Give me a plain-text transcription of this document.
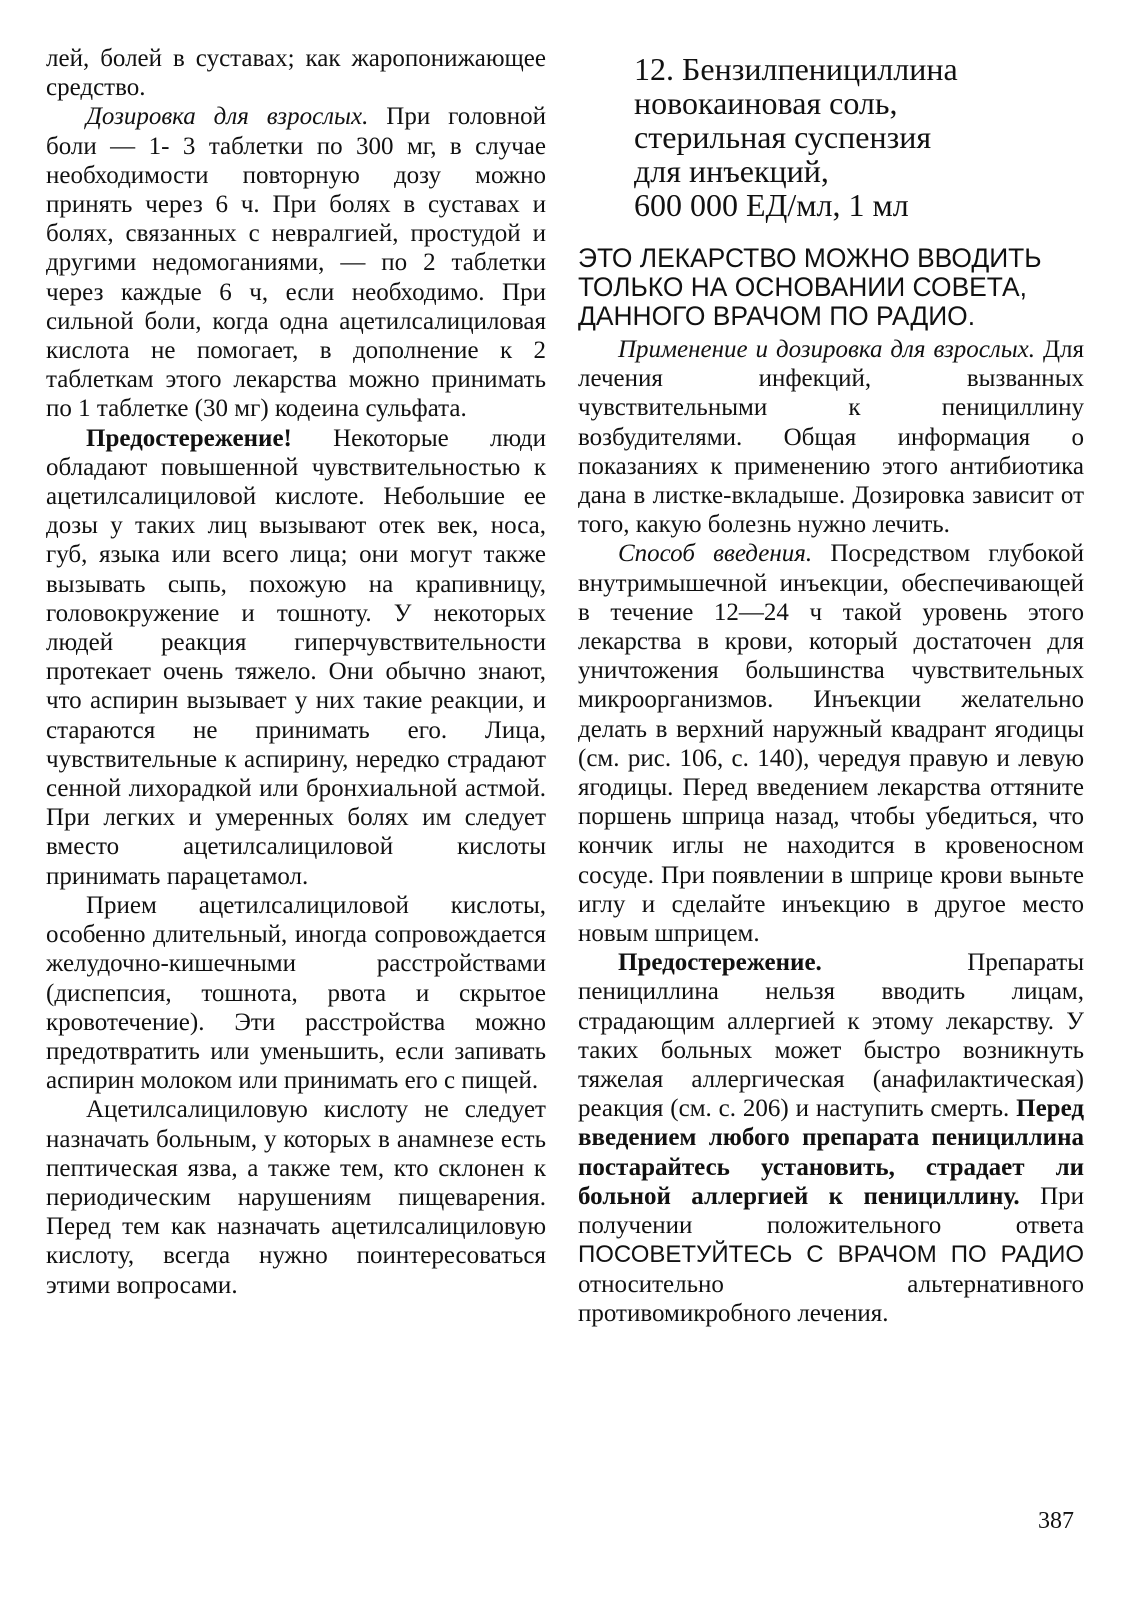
лей, болей в суставах; как жаропонижающее средство.

Дозировка для взрослых. При головной боли — 1- 3 таблетки по 300 мг, в случае необходимости повторную дозу можно принять через 6 ч. При болях в суставах и болях, связанных с невралгией, простудой и другими недомоганиями, — по 2 таблетки через каждые 6 ч, если необходимо. При сильной боли, когда одна ацетилсалициловая кислота не помогает, в дополнение к 2 таблеткам этого лекарства можно принимать по 1 таблетке (30 мг) кодеина сульфата.

Предостережение! Некоторые люди обладают повышенной чувствительностью к ацетилсалициловой кислоте. Небольшие ее дозы у таких лиц вызывают отек век, носа, губ, языка или всего лица; они могут также вызывать сыпь, похожую на крапивницу, головокружение и тошноту. У некоторых людей реакция гиперчувствительности протекает очень тяжело. Они обычно знают, что аспирин вызывает у них такие реакции, и стараются не принимать его. Лица, чувствительные к аспирину, нередко страдают сенной лихорадкой или бронхиальной астмой. При легких и умеренных болях им следует вместо ацетилсалициловой кислоты принимать парацетамол.

Прием ацетилсалициловой кислоты, особенно длительный, иногда сопровождается желудочно-кишечными расстройствами (диспепсия, тошнота, рвота и скрытое кровотечение). Эти расстройства можно предотвратить или уменьшить, если запивать аспирин молоком или принимать его с пищей.

Ацетилсалициловую кислоту не следует назначать больным, у которых в анамнезе есть пептическая язва, а также тем, кто склонен к периодическим нарушениям пищеварения. Перед тем как назначать ацетилсалициловую кислоту, всегда нужно поинтересоваться этими вопросами.

12. Бензилпенициллина
новокаиновая соль,
стерильная суспензия
для инъекций,
600 000 ЕД/мл, 1 мл

ЭТО ЛЕКАРСТВО МОЖНО ВВОДИТЬ ТОЛЬКО НА ОСНОВАНИИ СОВЕТА, ДАННОГО ВРАЧОМ ПО РАДИО.

Применение и дозировка для взрослых. Для лечения инфекций, вызванных чувствительными к пенициллину возбудителями. Общая информация о показаниях к применению этого антибиотика дана в листке-вкладыше. Дозировка зависит от того, какую болезнь нужно лечить.

Способ введения. Посредством глубокой внутримышечной инъекции, обеспечивающей в течение 12—24 ч такой уровень этого лекарства в крови, который достаточен для уничтожения большинства чувствительных микроорганизмов. Инъекции желательно делать в верхний наружный квадрант ягодицы (см. рис. 106, с. 140), чередуя правую и левую ягодицы. Перед введением лекарства оттяните поршень шприца назад, чтобы убедиться, что кончик иглы не находится в кровеносном сосуде. При появлении в шприце крови выньте иглу и сделайте инъекцию в другое место новым шприцем.

Предостережение. Препараты пенициллина нельзя вводить лицам, страдающим аллергией к этому лекарству. У таких больных может быстро возникнуть тяжелая аллергическая (анафилактическая) реакция (см. с. 206) и наступить смерть. Перед введением любого препарата пенициллина постарайтесь установить, страдает ли больной аллергией к пенициллину. При получении положительного ответа ПОСОВЕТУЙТЕСЬ С ВРАЧОМ ПО РАДИО относительно альтернативного противомикробного лечения.

387
